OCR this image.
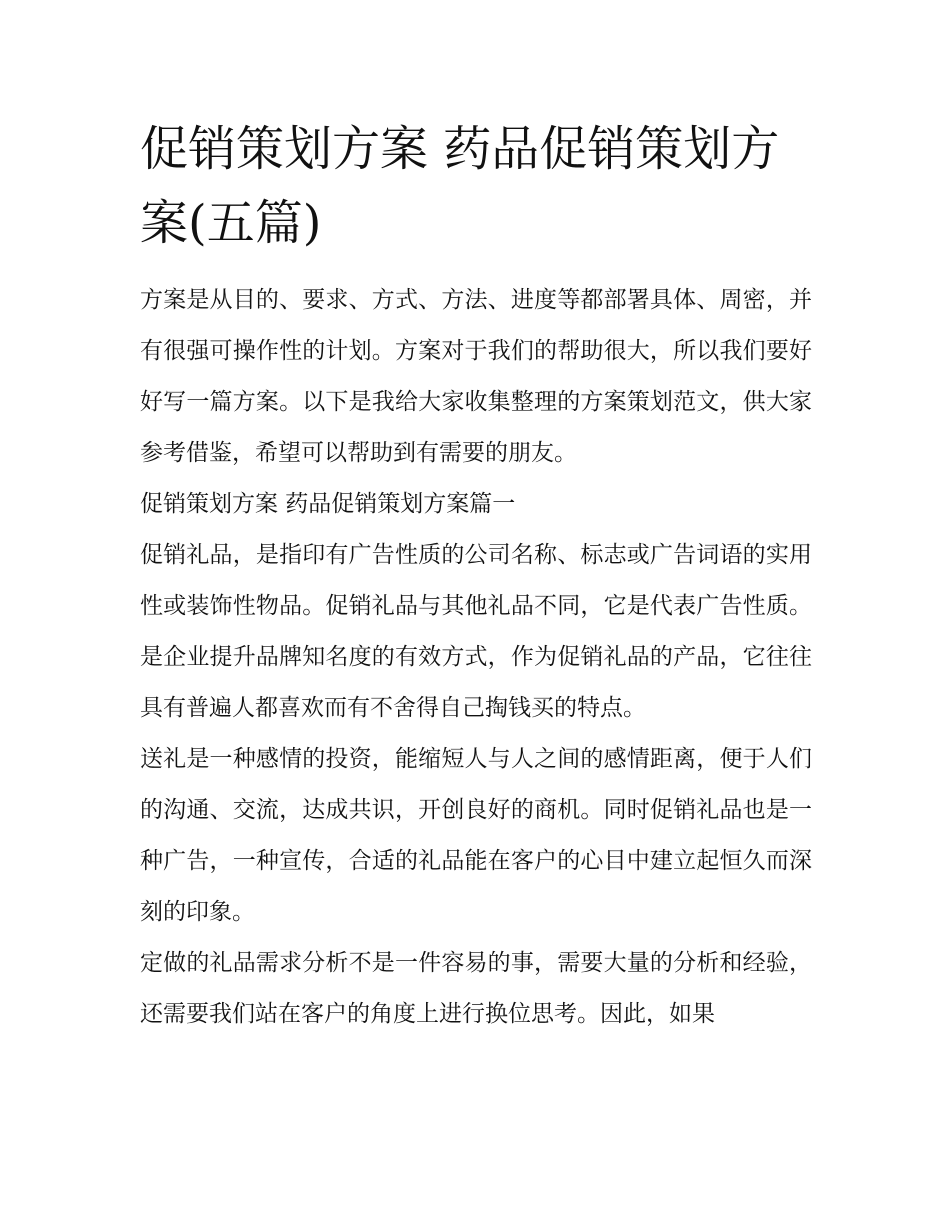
促销策划方案 药品促销策划方案(五篇)

方案是从目的、要求、方式、方法、进度等都部署具体、周密，并有很强可操作性的计划。方案对于我们的帮助很大，所以我们要好好写一篇方案。以下是我给大家收集整理的方案策划范文，供大家参考借鉴，希望可以帮助到有需要的朋友。

促销策划方案 药品促销策划方案篇一

促销礼品，是指印有广告性质的公司名称、标志或广告词语的实用性或装饰性物品。促销礼品与其他礼品不同，它是代表广告性质。是企业提升品牌知名度的有效方式，作为促销礼品的产品，它往往具有普遍人都喜欢而有不舍得自己掏钱买的特点。

送礼是一种感情的投资，能缩短人与人之间的感情距离，便于人们的沟通、交流，达成共识，开创良好的商机。同时促销礼品也是一种广告，一种宣传，合适的礼品能在客户的心目中建立起恒久而深刻的印象。

定做的礼品需求分析不是一件容易的事，需要大量的分析和经验，还需要我们站在客户的角度上进行换位思考。因此，如果
